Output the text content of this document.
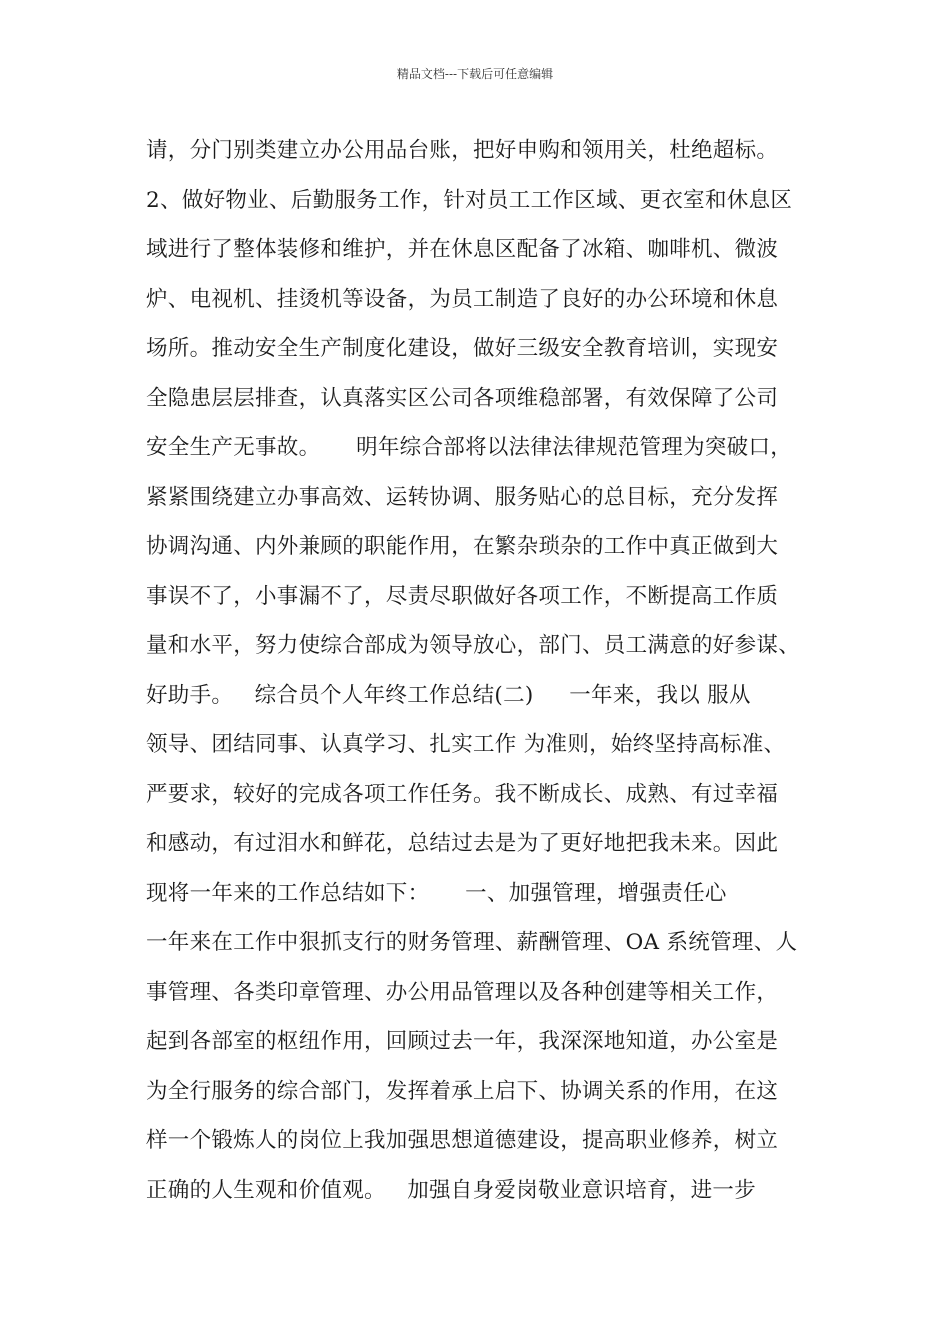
精品文档---下载后可任意编辑
请，分门别类建立办公用品台账，把好申购和领用关，杜绝超标。
2、做好物业、后勤服务工作，针对员工工作区域、更衣室和休息区
域进行了整体装修和维护，并在休息区配备了冰箱、咖啡机、微波
炉、电视机、挂烫机等设备，为员工制造了良好的办公环境和休息
场所。推动安全生产制度化建设，做好三级安全教育培训，实现安
全隐患层层排查，认真落实区公司各项维稳部署，有效保障了公司
安全生产无事故。     明年综合部将以法律法律规范管理为突破口，
紧紧围绕建立办事高效、运转协调、服务贴心的总目标，充分发挥
协调沟通、内外兼顾的职能作用，在繁杂琐杂的工作中真正做到大
事误不了，小事漏不了，尽责尽职做好各项工作，不断提高工作质
量和水平，努力使综合部成为领导放心，部门、员工满意的好参谋、
好助手。   综合员个人年终工作总结(二)     一年来，我以 服从
领导、团结同事、认真学习、扎实工作 为准则，始终坚持高标准、
严要求，较好的完成各项工作任务。我不断成长、成熟、有过幸福
和感动，有过泪水和鲜花，总结过去是为了更好地把我未来。因此
现将一年来的工作总结如下：     一、加强管理，增强责任心
一年来在工作中狠抓支行的财务管理、薪酬管理、OA 系统管理、人
事管理、各类印章管理、办公用品管理以及各种创建等相关工作，
起到各部室的枢纽作用，回顾过去一年，我深深地知道，办公室是
为全行服务的综合部门，发挥着承上启下、协调关系的作用，在这
样一个锻炼人的岗位上我加强思想道德建设，提高职业修养，树立
正确的人生观和价值观。   加强自身爱岗敬业意识培育，进一步
